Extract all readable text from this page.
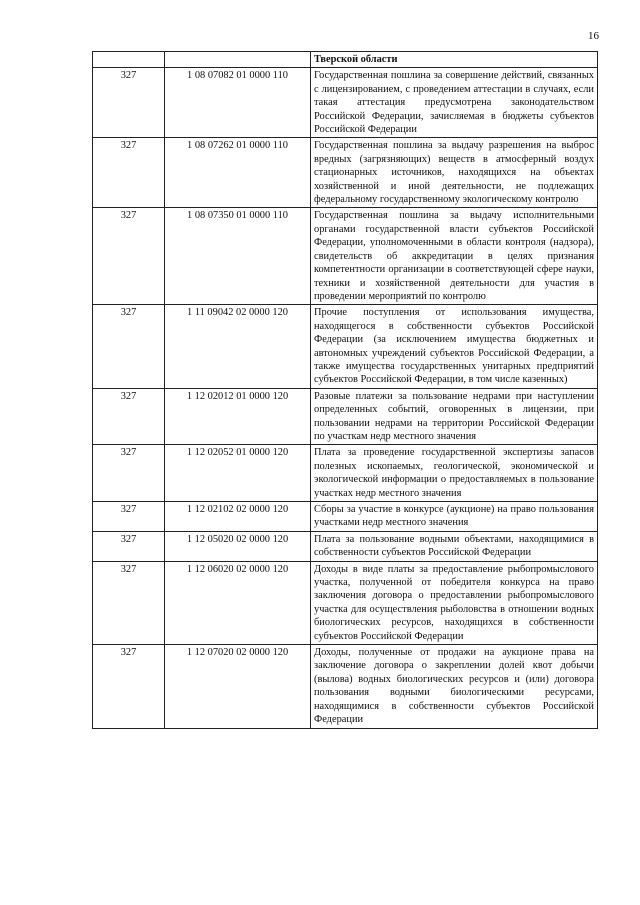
16
		Тверской области
327	1 08 07082 01 0000 110	Государственная пошлина за совершение действий, связанных с лицензированием, с проведением аттестации в случаях, если такая аттестация предусмотрена законодательством Российской Федерации, зачисляемая в бюджеты субъектов Российской Федерации
327	1 08 07262 01 0000 110	Государственная пошлина за выдачу разрешения на выброс вредных (загрязняющих) веществ в атмосферный воздух стационарных источников, находящихся на объектах хозяйственной и иной деятельности, не подлежащих федеральному государственному экологическому контролю
327	1 08 07350 01 0000 110	Государственная пошлина за выдачу исполнительными органами государственной власти субъектов Российской Федерации, уполномоченными в области контроля (надзора), свидетельств об аккредитации в целях признания компетентности организации в соответствующей сфере науки, техники и хозяйственной деятельности для участия в проведении мероприятий по контролю
327	1 11 09042 02 0000 120	Прочие поступления от использования имущества, находящегося в собственности субъектов Российской Федерации (за исключением имущества бюджетных и автономных учреждений субъектов Российской Федерации, а также имущества государственных унитарных предприятий субъектов Российской Федерации, в том числе казенных)
327	1 12 02012 01 0000 120	Разовые платежи за пользование недрами при наступлении определенных событий, оговоренных в лицензии, при пользовании недрами на территории Российской Федерации по участкам недр местного значения
327	1 12 02052 01 0000 120	Плата за проведение государственной экспертизы запасов полезных ископаемых, геологической, экономической и экологической информации о предоставляемых в пользование участках недр местного значения
327	1 12 02102 02 0000 120	Сборы за участие в конкурсе (аукционе) на право пользования участками недр местного значения
327	1 12 05020 02 0000 120	Плата за пользование водными объектами, находящимися в собственности субъектов Российской Федерации
327	1 12 06020 02 0000 120	Доходы в виде платы за предоставление рыбопромыслового участка, полученной от победителя конкурса на право заключения договора о предоставлении рыбопромыслового участка для осуществления рыболовства в отношении водных биологических ресурсов, находящихся в собственности субъектов Российской Федерации
327	1 12 07020 02 0000 120	Доходы, полученные от продажи на аукционе права на заключение договора о закреплении долей квот добычи (вылова) водных биологических ресурсов и (или) договора пользования водными биологическими ресурсами, находящимися в собственности субъектов Российской Федерации
